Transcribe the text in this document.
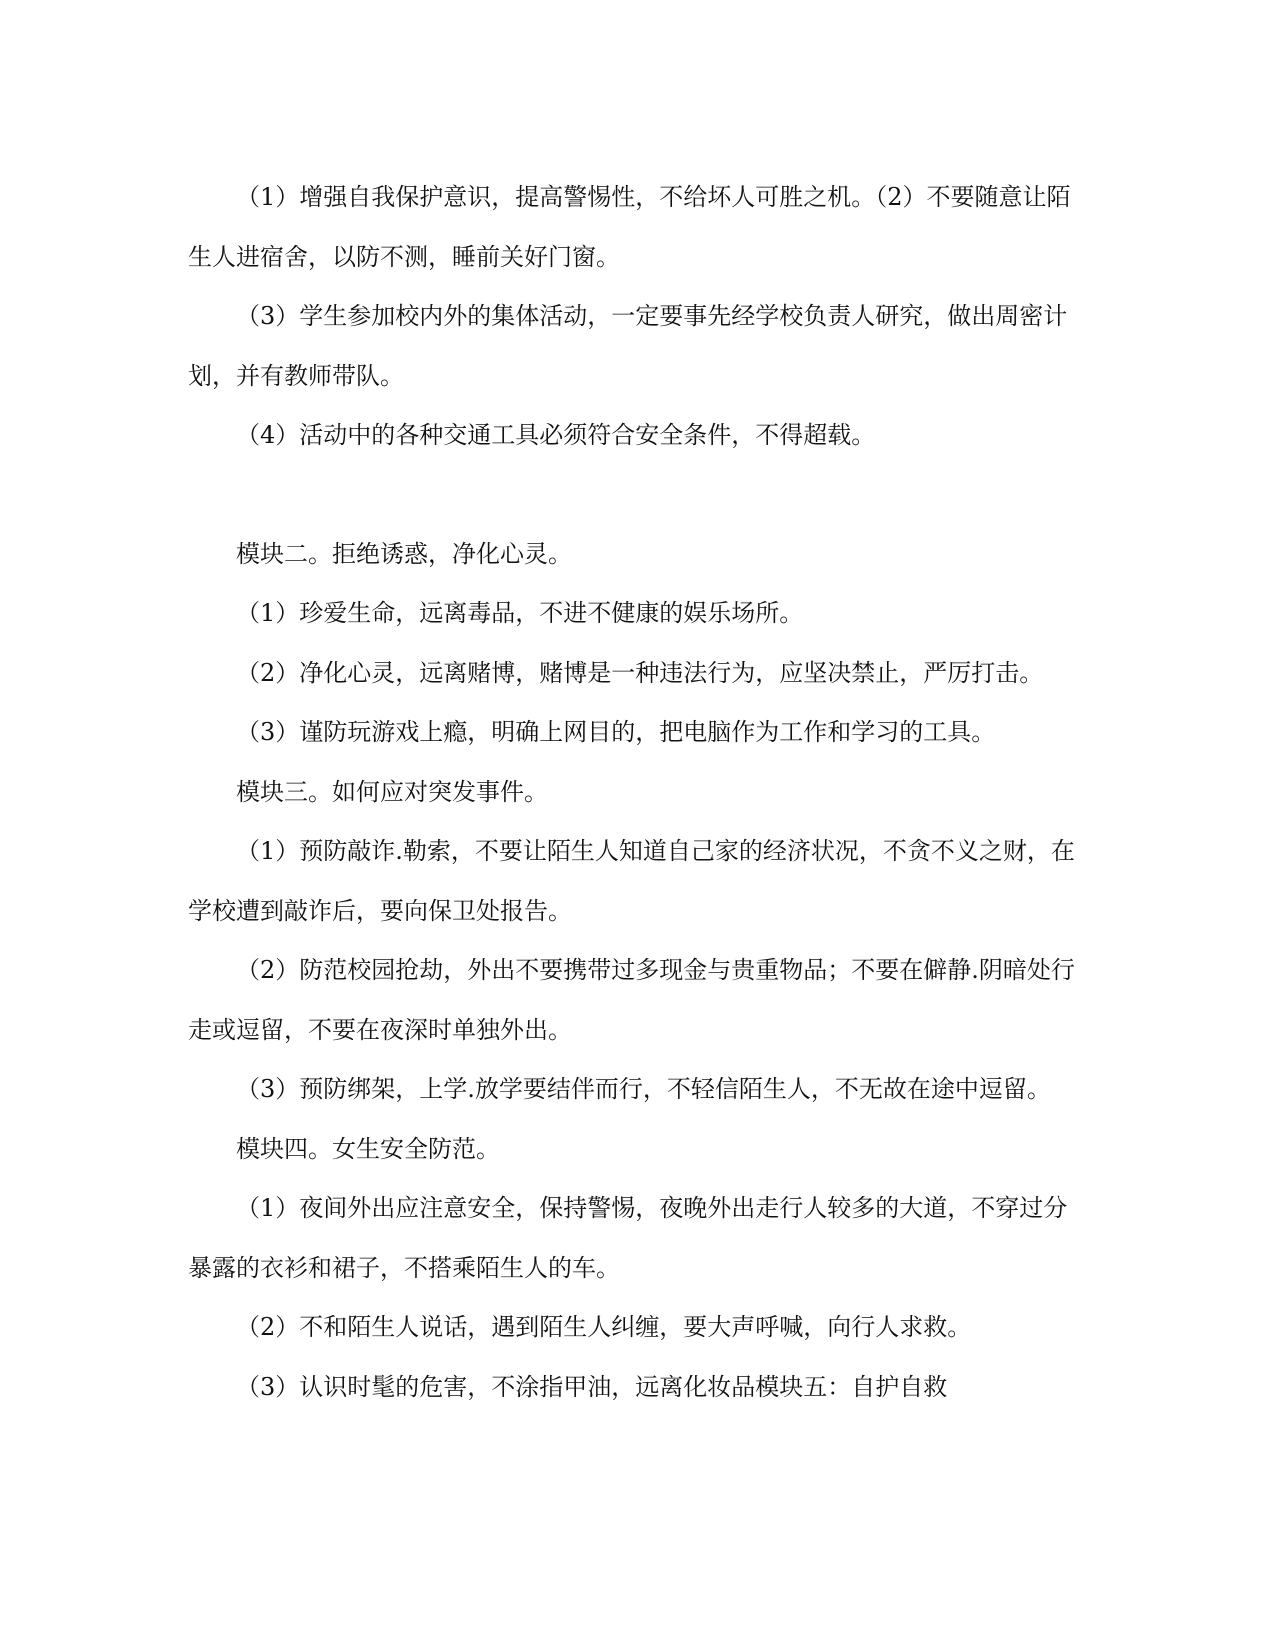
（1）增强自我保护意识，提高警惕性，不给坏人可胜之机。（2）不要随意让陌生人进宿舍，以防不测，睡前关好门窗。

（3）学生参加校内外的集体活动，一定要事先经学校负责人研究，做出周密计划，并有教师带队。

（4）活动中的各种交通工具必须符合安全条件，不得超载。

模块二。拒绝诱惑，净化心灵。

（1）珍爱生命，远离毒品，不进不健康的娱乐场所。

（2）净化心灵，远离赌博，赌博是一种违法行为，应坚决禁止，严厉打击。

（3）谨防玩游戏上瘾，明确上网目的，把电脑作为工作和学习的工具。

模块三。如何应对突发事件。

（1）预防敲诈.勒索，不要让陌生人知道自己家的经济状况，不贪不义之财，在学校遭到敲诈后，要向保卫处报告。

（2）防范校园抢劫，外出不要携带过多现金与贵重物品；不要在僻静.阴暗处行走或逗留，不要在夜深时单独外出。

（3）预防绑架，上学.放学要结伴而行，不轻信陌生人，不无故在途中逗留。

模块四。女生安全防范。

（1）夜间外出应注意安全，保持警惕，夜晚外出走行人较多的大道，不穿过分暴露的衣衫和裙子，不搭乘陌生人的车。

（2）不和陌生人说话，遇到陌生人纠缠，要大声呼喊，向行人求救。

（3）认识时髦的危害，不涂指甲油，远离化妆品模块五：自护自救
